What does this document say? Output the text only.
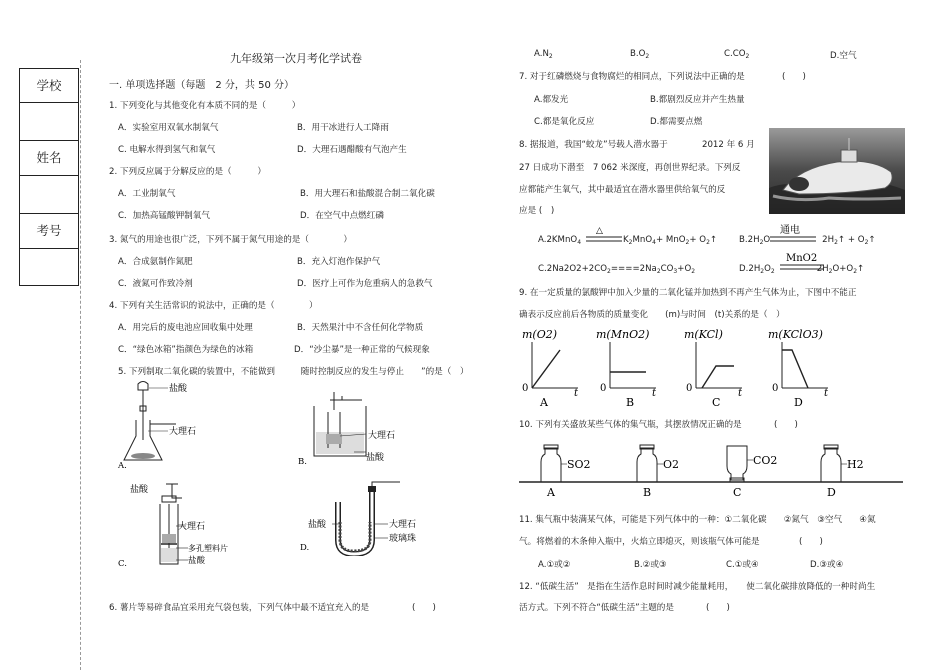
学校
姓名
考号
九年级第一次月考化学试卷
一. 单项选择题（每题　2 分，共 50 分）
1. 下列变化与其他变化有本质不同的是（　　　）
A．实验室用双氧水制氧气	B．用干冰进行人工降雨
C. 电解水得到氢气和氧气	D．大理石遇醋酸有气泡产生
2. 下列反应属于分解反应的是（　　　）
A．工业制氧气	B．用大理石和盐酸混合制二氧化碳
C．加热高锰酸钾制氧气	D．在空气中点燃红磷
3. 氮气的用途也很广泛，下列不属于氮气用途的是（　　　　）
A．合成氨制作氮肥	B．充入灯泡作保护气
C．液氮可作致冷剂	D．医疗上可作为危重病人的急救气
4. 下列有关生活常识的说法中，正确的是（　　　　）
A．用完后的废电池应回收集中处理	B．天然果汁中不含任何化学物质
C．“绿色冰箱”指颜色为绿色的冰箱	D．“沙尘暴”是一种正常的气候现象
5. 下列制取二氧化碳的装置中，不能做到　　　随时控制反应的发生与停止　　”的是（　）
盐酸
大理石
A.
大理石
盐酸
B.
盐酸
大理石
多孔塑料片
盐酸
C.
盐酸	大理石
玻璃珠
D.
6. 薯片等易碎食品宜采用充气袋包装，下列气体中最不适宜充入的是	(　　)
$A.N_2$	$B.O_2$	$C.CO_2$	D.空气
7. 对于红磷燃烧与食物腐烂的相同点，下列说法中正确的是	(　　)
A.都发光	B.都剧烈反应并产生热量
C.都是氧化反应	D.都需要点燃
8. 据报道，我国“蛟龙”号载人潜水器于	2012 年 6 月
27 日成功下潜至　7 062 米深度，再创世界纪录。下列反
应都能产生氧气，其中最适宜在潜水器里供给氧气的反
应是 (　)
△
A.2KMnO$_4$	$K_2MnO_4+ MnO_2+$ $O_2↑$
通电
$B.2H_2O$	$2H_2↑$ + $O_2↑$
$C.2Na2O2+2CO_2====2Na_2CO_3+O_2$
MnO2
$D.2H_2O_2$	$2H_2O+O_2↑$
9. 在一定质量的氯酸钾中加入少量的二氧化锰并加热到不再产生气体为止，下图中不能正
确表示反应前后各物质的质量变化　　(m)与时间　(t)关系的是（　）
m(O2)
0	t
A
m(MnO2)
0	t
B
m(KCl)
0	t
C
m(KClO3)
0	t
D
10. 下列有关盛放某些气体的集气瓶，其摆放情况正确的是	(　　)
SO2
A
O2
B
CO2
C
H2
D
11. 集气瓶中装满某气体，可能是下列气体中的一种：①二氧化碳　　②氮气　③空气　　④氮
气。将燃着的木条伸入瓶中，火焰立即熄灭，则该瓶气体可能是	(　　)
A.①或②	B.②或③	C.①或④	D.③或④
12. “低碳生活”　是指在生活作息时间时减少能量耗用，　　使二氧化碳排放降低的一种时尚生
活方式。下列不符合“低碳生活”主题的是	(　　)
